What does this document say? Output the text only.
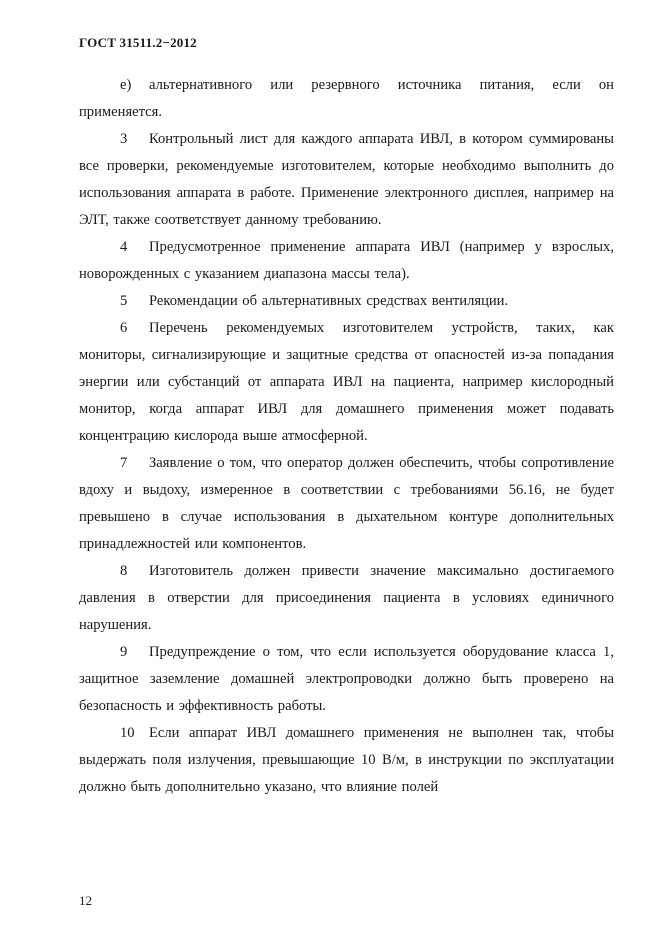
ГОСТ 31511.2−2012

е) альтернативного или резервного источника питания, если он применяется.

3 Контрольный лист для каждого аппарата ИВЛ, в котором суммированы все проверки, рекомендуемые изготовителем, которые необходимо выполнить до использования аппарата в работе. Применение электронного дисплея, например на ЭЛТ, также соответствует данному требованию.

4 Предусмотренное применение аппарата ИВЛ (например у взрослых, новорожденных с указанием диапазона массы тела).

5 Рекомендации об альтернативных средствах вентиляции.

6 Перечень рекомендуемых изготовителем устройств, таких, как мониторы, сигнализирующие и защитные средства от опасностей из-за попадания энергии или субстанций от аппарата ИВЛ на пациента, например кислородный монитор, когда аппарат ИВЛ для домашнего применения может подавать концентрацию кислорода выше атмосферной.

7 Заявление о том, что оператор должен обеспечить, чтобы сопротивление вдоху и выдоху, измеренное в соответствии с требованиями 56.16, не будет превышено в случае использования в дыхательном контуре дополнительных принадлежностей или компонентов.

8 Изготовитель должен привести значение максимально достигаемого давления в отверстии для присоединения пациента в условиях единичного нарушения.

9 Предупреждение о том, что если используется оборудование класса 1, защитное заземление домашней электропроводки должно быть проверено на безопасность и эффективность работы.

10 Если аппарат ИВЛ домашнего применения не выполнен так, чтобы выдержать поля излучения, превышающие 10 В/м, в инструкции по эксплуатации должно быть дополнительно указано, что влияние полей

12
